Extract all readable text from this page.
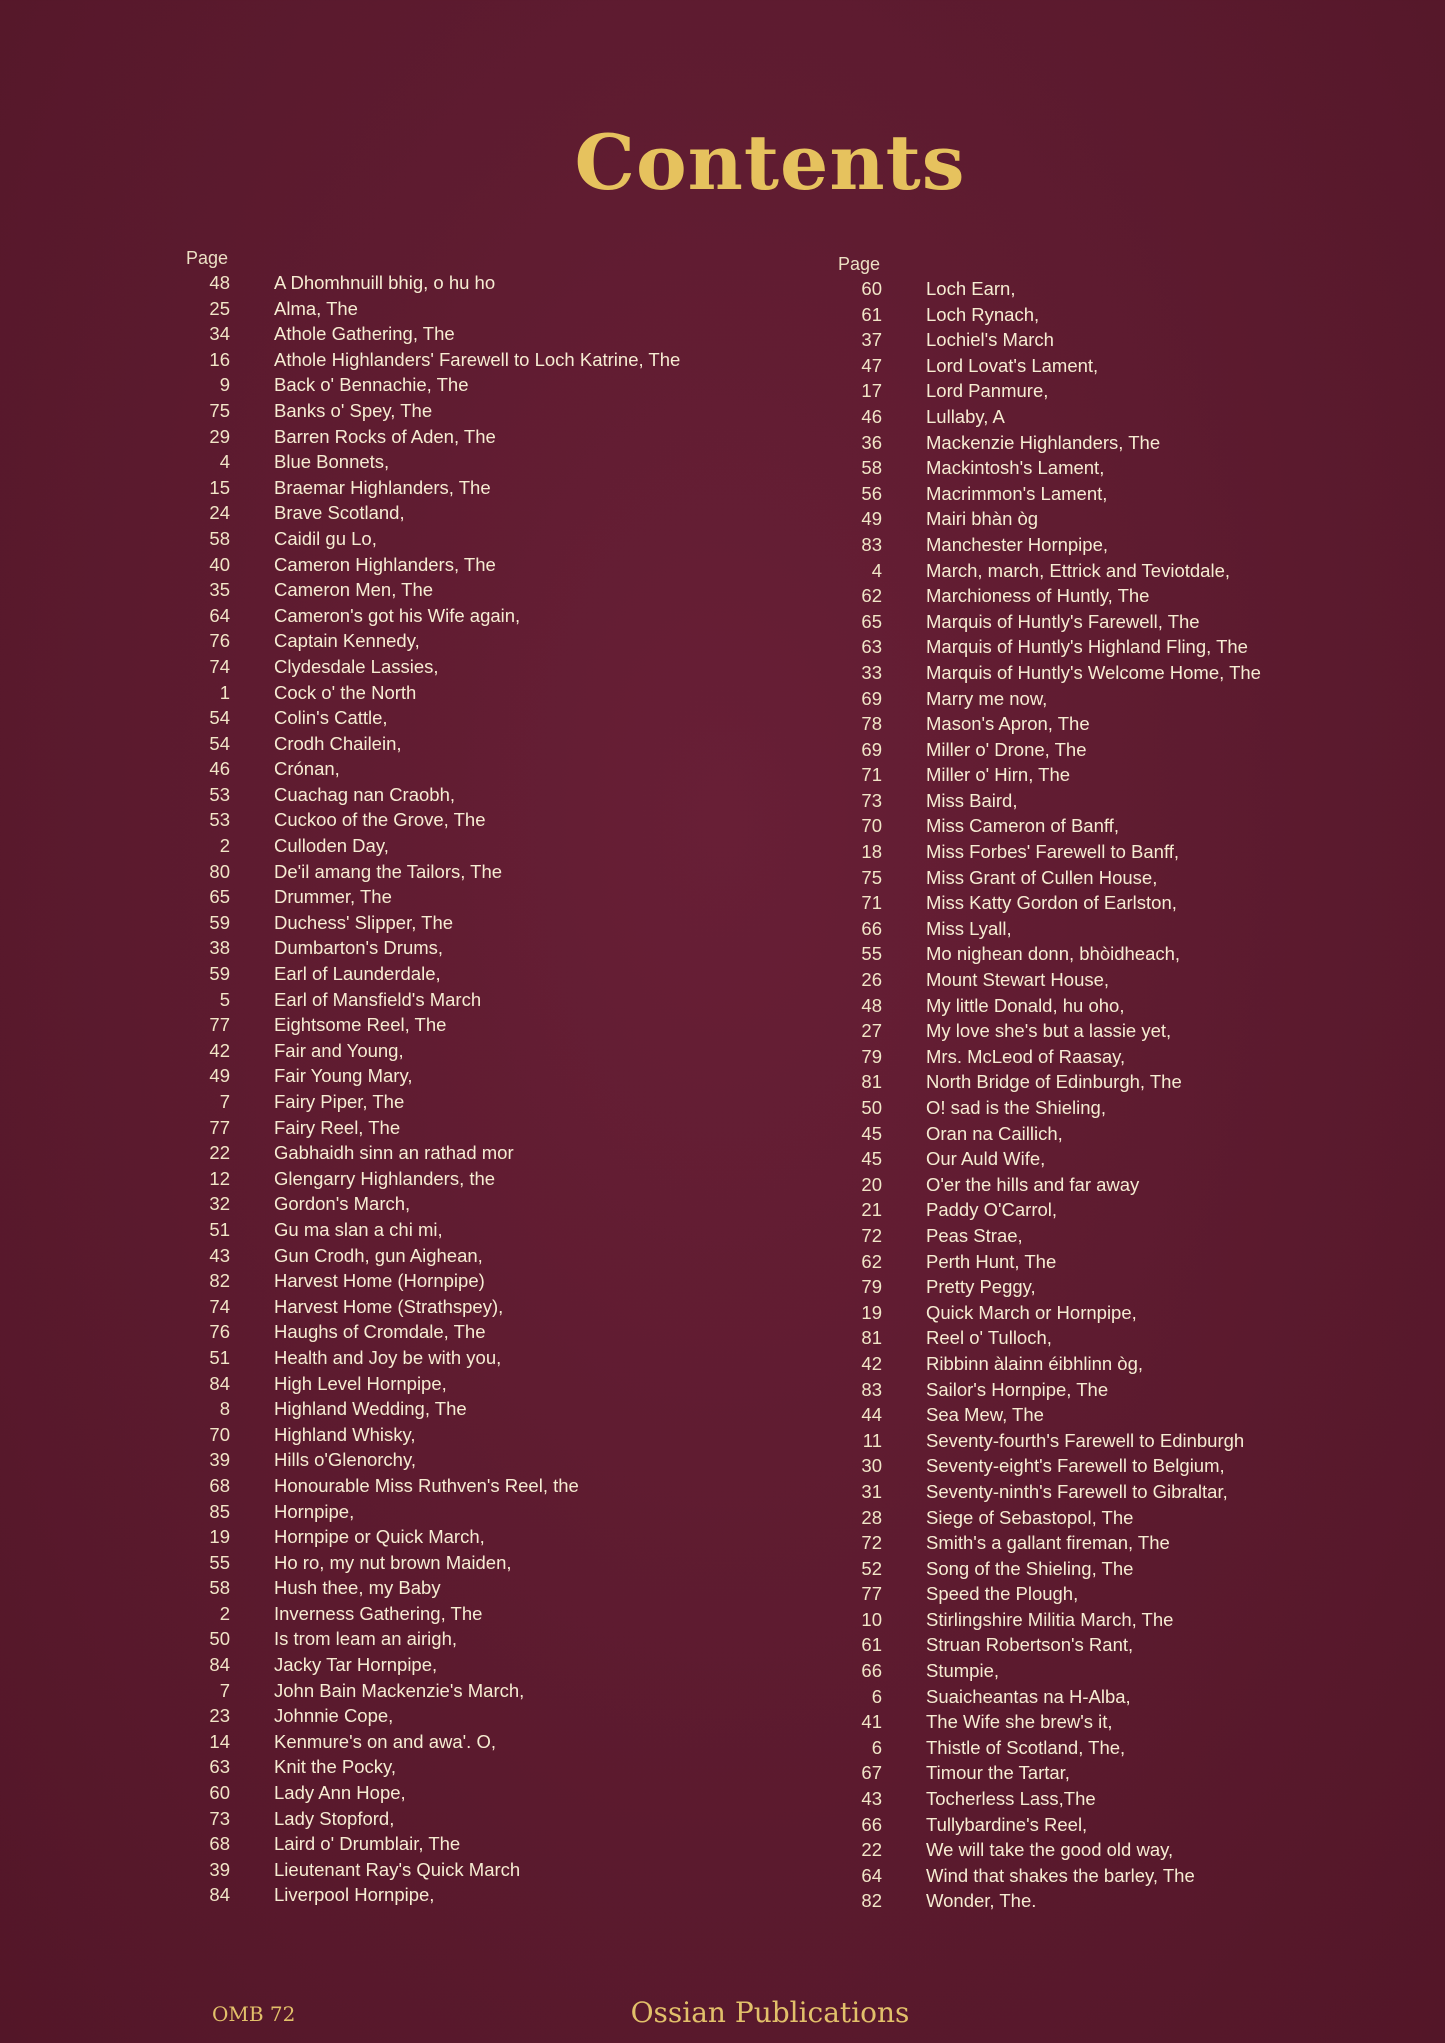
Contents
Page
48 A Dhomhnuill bhig, o hu ho
25 Alma, The
34 Athole Gathering, The
16 Athole Highlanders' Farewell to Loch Katrine, The
9 Back o' Bennachie, The
75 Banks o' Spey, The
29 Barren Rocks of Aden, The
4 Blue Bonnets,
15 Braemar Highlanders, The
24 Brave Scotland,
58 Caidil gu Lo,
40 Cameron Highlanders, The
35 Cameron Men, The
64 Cameron's got his Wife again,
76 Captain Kennedy,
74 Clydesdale Lassies,
1 Cock o' the North
54 Colin's Cattle,
54 Crodh Chailein,
46 Crónan,
53 Cuachag nan Craobh,
53 Cuckoo of the Grove, The
2 Culloden Day,
80 De'il amang the Tailors, The
65 Drummer, The
59 Duchess' Slipper, The
38 Dumbarton's Drums,
59 Earl of Launderdale,
5 Earl of Mansfield's March
77 Eightsome Reel, The
42 Fair and Young,
49 Fair Young Mary,
7 Fairy Piper, The
77 Fairy Reel, The
22 Gabhaidh sinn an rathad mor
12 Glengarry Highlanders, the
32 Gordon's March,
51 Gu ma slan a chi mi,
43 Gun Crodh, gun Aighean,
82 Harvest Home (Hornpipe)
74 Harvest Home (Strathspey),
76 Haughs of Cromdale, The
51 Health and Joy be with you,
84 High Level Hornpipe,
8 Highland Wedding, The
70 Highland Whisky,
39 Hills o'Glenorchy,
68 Honourable Miss Ruthven's Reel, the
85 Hornpipe,
19 Hornpipe or Quick March,
55 Ho ro, my nut brown Maiden,
58 Hush thee, my Baby
2 Inverness Gathering, The
50 Is trom leam an airigh,
84 Jacky Tar Hornpipe,
7 John Bain Mackenzie's March,
23 Johnnie Cope,
14 Kenmure's on and awa'. O,
63 Knit the Pocky,
60 Lady Ann Hope,
73 Lady Stopford,
68 Laird o' Drumblair, The
39 Lieutenant Ray's Quick March
84 Liverpool Hornpipe,
Page
60 Loch Earn,
61 Loch Rynach,
37 Lochiel's March
47 Lord Lovat's Lament,
17 Lord Panmure,
46 Lullaby, A
36 Mackenzie Highlanders, The
58 Mackintosh's Lament,
56 Macrimmon's Lament,
49 Mairi bhàn òg
83 Manchester Hornpipe,
4 March, march, Ettrick and Teviotdale,
62 Marchioness of Huntly, The
65 Marquis of Huntly's Farewell, The
63 Marquis of Huntly's Highland Fling, The
33 Marquis of Huntly's Welcome Home, The
69 Marry me now,
78 Mason's Apron, The
69 Miller o' Drone, The
71 Miller o' Hirn, The
73 Miss Baird,
70 Miss Cameron of Banff,
18 Miss Forbes' Farewell to Banff,
75 Miss Grant of Cullen House,
71 Miss Katty Gordon of Earlston,
66 Miss Lyall,
55 Mo nighean donn, bhòidheach,
26 Mount Stewart House,
48 My little Donald, hu oho,
27 My love she's but a lassie yet,
79 Mrs. McLeod of Raasay,
81 North Bridge of Edinburgh, The
50 O! sad is the Shieling,
45 Oran na Caillich,
45 Our Auld Wife,
20 O'er the hills and far away
21 Paddy O'Carrol,
72 Peas Strae,
62 Perth Hunt, The
79 Pretty Peggy,
19 Quick March or Hornpipe,
81 Reel o' Tulloch,
42 Ribbinn àlainn éibhlinn òg,
83 Sailor's Hornpipe, The
44 Sea Mew, The
11 Seventy-fourth's Farewell to Edinburgh
30 Seventy-eight's Farewell to Belgium,
31 Seventy-ninth's Farewell to Gibraltar,
28 Siege of Sebastopol, The
72 Smith's a gallant fireman, The
52 Song of the Shieling, The
77 Speed the Plough,
10 Stirlingshire Militia March, The
61 Struan Robertson's Rant,
66 Stumpie,
6 Suaicheantas na H-Alba,
41 The Wife she brew's it,
6 Thistle of Scotland, The,
67 Timour the Tartar,
43 Tocherless Lass,The
66 Tullybardine's Reel,
22 We will take the good old way,
64 Wind that shakes the barley, The
82 Wonder, The.
OMB 72	Ossian Publications
